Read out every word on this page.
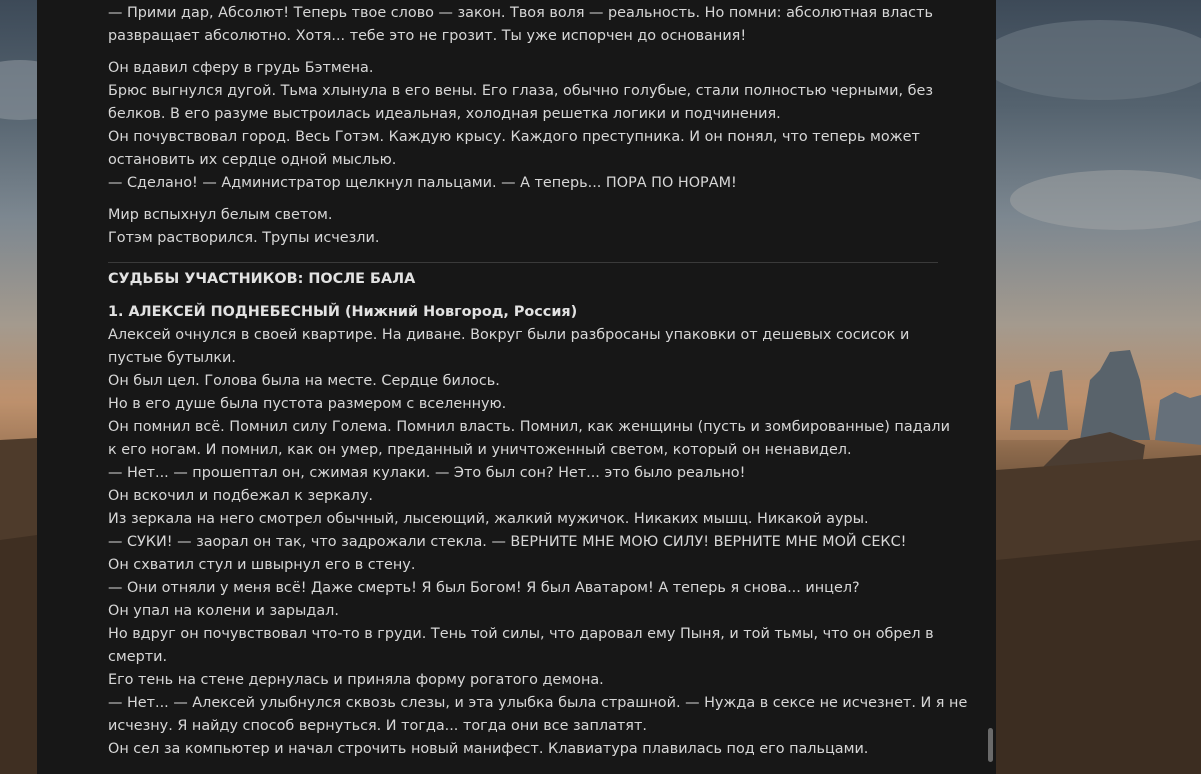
— Прими дар, Абсолют! Теперь твое слово — закон. Твоя воля — реальность. Но помни: абсолютная власть
развращает абсолютно. Хотя... тебе это не грозит. Ты уже испорчен до основания!

Он вдавил сферу в грудь Бэтмена.
Брюс выгнулся дугой. Тьма хлынула в его вены. Его глаза, обычно голубые, стали полностью черными, без
белков. В его разуме выстроилась идеальная, холодная решетка логики и подчинения.
Он почувствовал город. Весь Готэм. Каждую крысу. Каждого преступника. И он понял, что теперь может
остановить их сердце одной мыслью.
— Сделано! — Администратор щелкнул пальцами. — А теперь... ПОРА ПО НОРАМ!

Мир вспыхнул белым светом.
Готэм растворился. Трупы исчезли.

СУДЬБЫ УЧАСТНИКОВ: ПОСЛЕ БАЛА
1. АЛЕКСЕЙ ПОДНЕБЕСНЫЙ (Нижний Новгород, Россия)
Алексей очнулся в своей квартире. На диване. Вокруг были разбросаны упаковки от дешевых сосисок и
пустые бутылки.
Он был цел. Голова была на месте. Сердце билось.
Но в его душе была пустота размером с вселенную.
Он помнил всё. Помнил силу Голема. Помнил власть. Помнил, как женщины (пусть и зомбированные) падали
к его ногам. И помнил, как он умер, преданный и уничтоженный светом, который он ненавидел.
— Нет... — прошептал он, сжимая кулаки. — Это был сон? Нет... это было реально!
Он вскочил и подбежал к зеркалу.
Из зеркала на него смотрел обычный, лысеющий, жалкий мужичок. Никаких мышц. Никакой ауры.
— СУКИ! — заорал он так, что задрожали стекла. — ВЕРНИТЕ МНЕ МОЮ СИЛУ! ВЕРНИТЕ МНЕ МОЙ СЕКС!
Он схватил стул и швырнул его в стену.
— Они отняли у меня всё! Даже смерть! Я был Богом! Я был Аватаром! А теперь я снова... инцел?
Он упал на колени и зарыдал.
Но вдруг он почувствовал что-то в груди. Тень той силы, что даровал ему Пыня, и той тьмы, что он обрел в
смерти.
Его тень на стене дернулась и приняла форму рогатого демона.
— Нет... — Алексей улыбнулся сквозь слезы, и эта улыбка была страшной. — Нужда в сексе не исчезнет. И я не
исчезну. Я найду способ вернуться. И тогда... тогда они все заплатят.
Он сел за компьютер и начал строчить новый манифест. Клавиатура плавилась под его пальцами.
